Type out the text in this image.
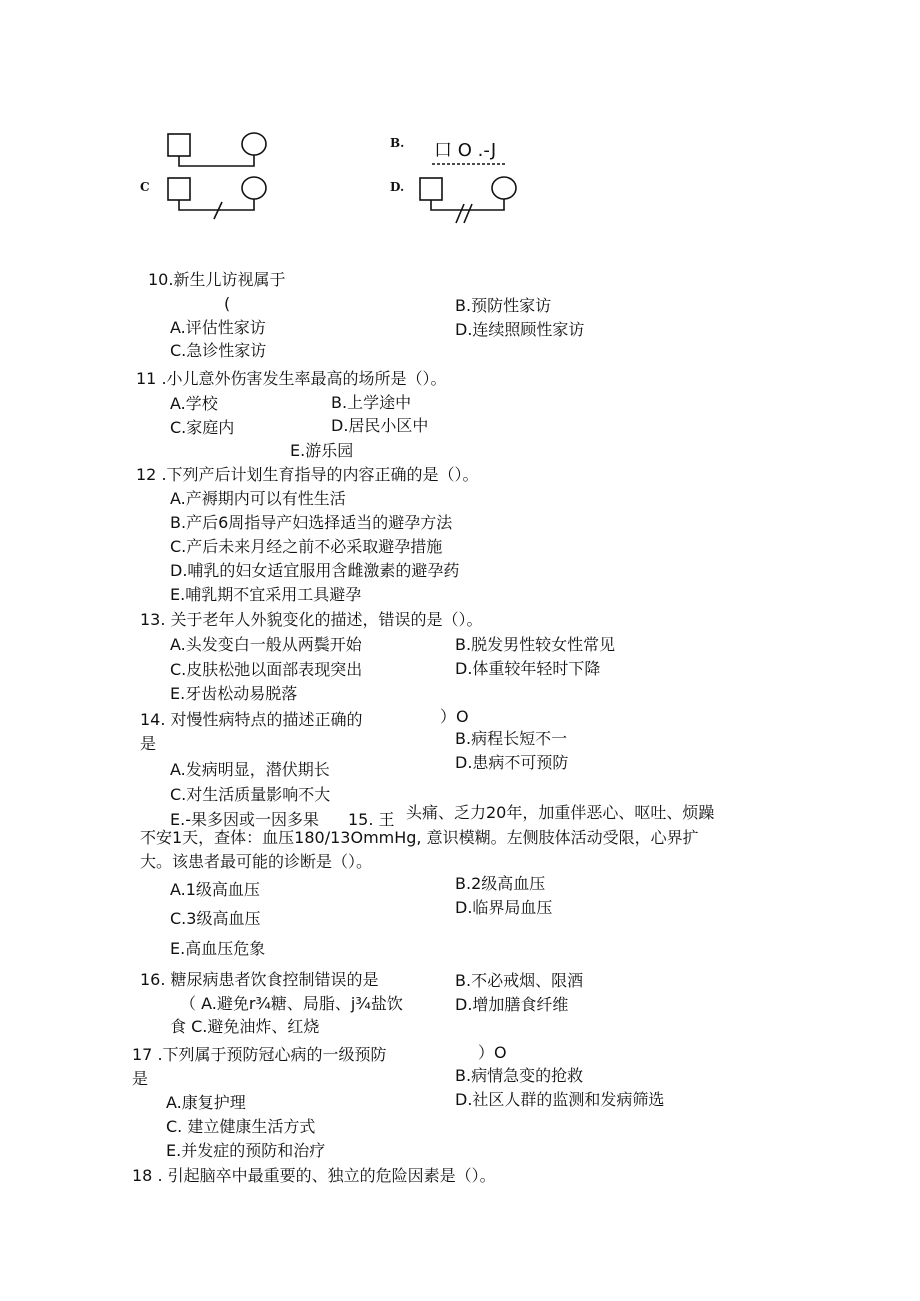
B. 口 O .-J
C	D.
10.新生儿访视属于
(	B.预防性家访
A.评估性家访	D.连续照顾性家访
C.急诊性家访
11 .小儿意外伤害发生率最高的场所是（）。
A.学校	B.上学途中
C.家庭内	D.居民小区中
E.游乐园
12 .下列产后计划生育指导的内容正确的是（）。
A.产褥期内可以有性生活
B.产后6周指导产妇选择适当的避孕方法
C.产后未来月经之前不必采取避孕措施
D.哺乳的妇女适宜服用含雌激素的避孕药
E.哺乳期不宜采用工具避孕
13. 关于老年人外貌变化的描述，错误的是（）。
A.头发变白一般从两鬓开始	B.脱发男性较女性常见
C.皮肤松弛以面部表现突出	D.体重较年轻时下降
E.牙齿松动易脱落
14. 对慢性病特点的描述正确的	）O
是	B.病程长短不一
A.发病明显，潜伏期长	D.患病不可预防
C.对生活质量影响不大
E.-果多因或一因多果 15. 王 头痛、乏力20年，加重伴恶心、呕吐、烦躁
不安1天，查体：血压180/13OmmHg, 意识模糊。左侧肢体活动受限，心界扩
大。该患者最可能的诊断是（）。
A.1级高血压	B.2级高血压
D.临界局血压
C.3级高血压
E.高血压危象
16. 糖尿病患者饮食控制错误的是	B.不必戒烟、限酒
（ A.避免r¾糖、局脂、j¾盐饮	D.增加膳食纤维
食 C.避免油炸、红烧
17 .下列属于预防冠心病的一级预防	）O
是	B.病情急变的抢救
A.康复护理	D.社区人群的监测和发病筛选
C. 建立健康生活方式
E.并发症的预防和治疗
18 . 引起脑卒中最重要的、独立的危险因素是（）。
